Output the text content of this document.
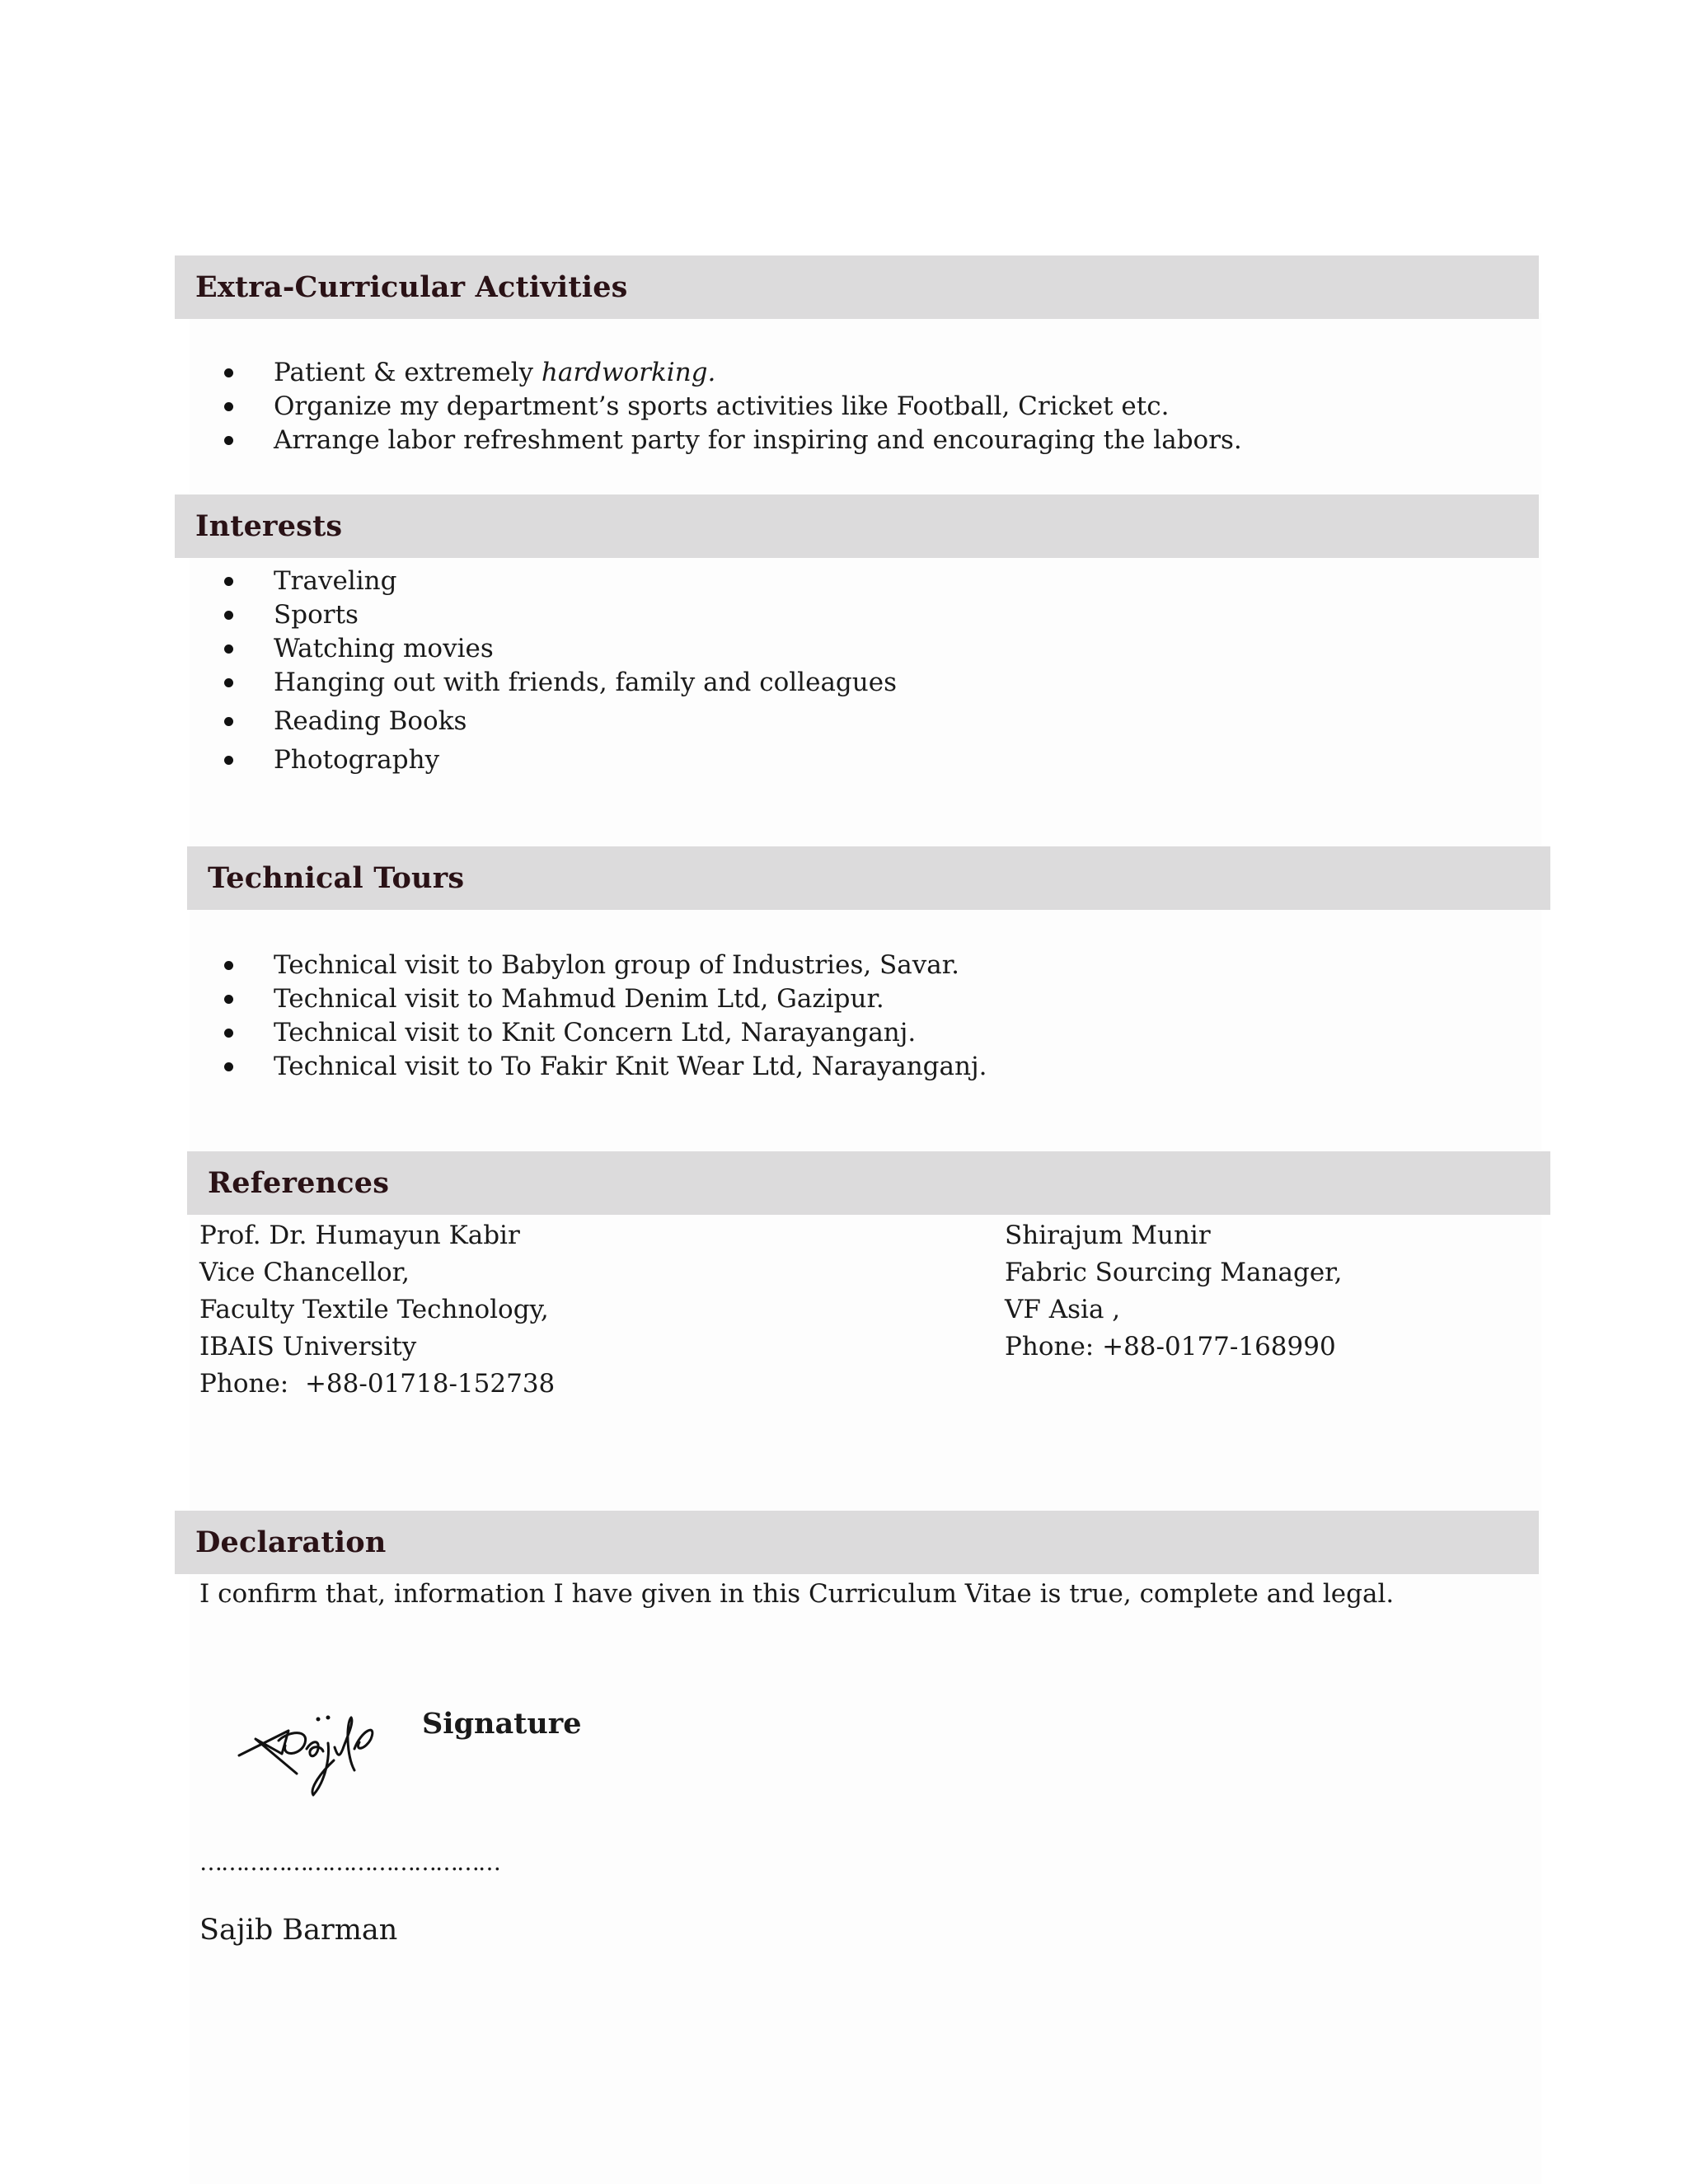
Extra-Curricular Activities
Patient & extremely hardworking.
Organize my department’s sports activities like Football, Cricket etc.
Arrange labor refreshment party for inspiring and encouraging the labors.
Interests
Traveling
Sports
Watching movies
Hanging out with friends, family and colleagues
Reading Books
Photography
Technical Tours
Technical visit to Babylon group of Industries, Savar.
Technical visit to Mahmud Denim Ltd, Gazipur.
Technical visit to Knit Concern Ltd, Narayanganj.
Technical visit to To Fakir Knit Wear Ltd, Narayanganj.
References
Prof. Dr. Humayun Kabir
Vice Chancellor,
Faculty Textile Technology,
IBAIS University
Phone:  +88-01718-152738
Shirajum Munir
Fabric Sourcing Manager,
VF Asia ,
Phone: +88-0177-168990
Declaration
I confirm that, information I have given in this Curriculum Vitae is true, complete and legal.
Signature
……………………………………
Sajib Barman
